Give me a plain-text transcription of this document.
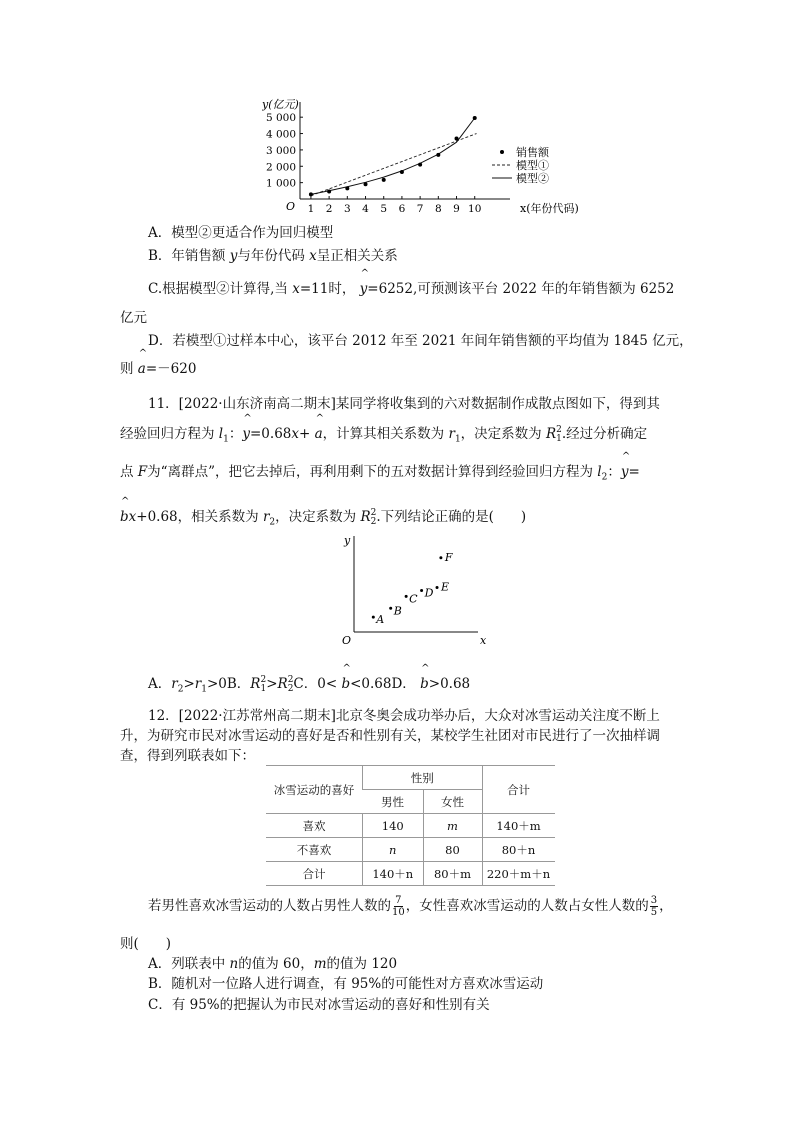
y(亿元)
x(年份代码)
O 1 2 3 4 5 6 7 8 9 10
1 000
2 000
3 000
4 000
5 000
销售额
模型①
模型②
A．模型②更适合作为回归模型
B．年销售额 y与年份代码 x呈正相关关系
C.根据模型②计算得,当 x=11时， ^ y=6252,可预测该平台 2022 年的年销售额为 6252
亿元
D．若模型①过样本中心，该平台 2012 年至 2021 年间年销售额的平均值为 1845 亿元，
则 ^ a=－620
11．[2022·山东济南高二期末]某同学将收集到的六对数据制作成散点图如下，得到其
经验回归方程为 $l_1$：^ y=0.68x+ ^ a，计算其相关系数为 $r_1$，决定系数为 R 2
1 .经过分析确定
点 F为“离群点”，把它去掉后，再利用剩下的五对数据计算得到经验回归方程为 $l_2$：^ y=
^ bx+0.68，相关系数为 $r_2$，决定系数为 R 2
2 .下列结论正确的是(　　)
x
y
O
A
B
C D E
F
A．$r_2>r_1>0B$．R 2
1 >R 2
2 C．0< ^ b<0.68D． ^ b>0.68
12．[2022·江苏常州高二期末]北京冬奥会成功举办后，大众对冰雪运动关注度不断上
升，为研究市民对冰雪运动的喜好是否和性别有关，某校学生社团对市民进行了一次抽样调
查，得到列联表如下：
冰雪运动的喜好	性别		合计
	男性	女性	
喜欢	140	m	140＋m
不喜欢	n	80	80＋n
合计	140＋n	80＋m	220＋m＋n
若男性喜欢冰雪运动的人数占男性人数的 $\frac{7}{10}$ ，女性喜欢冰雪运动的人数占女性人数的 $\frac{3}{5}$ ，
则(　　)
A．列联表中 n的值为 60，m的值为 120
B．随机对一位路人进行调查，有 95%的可能性对方喜欢冰雪运动
C．有 95%的把握认为市民对冰雪运动的喜好和性别有关
